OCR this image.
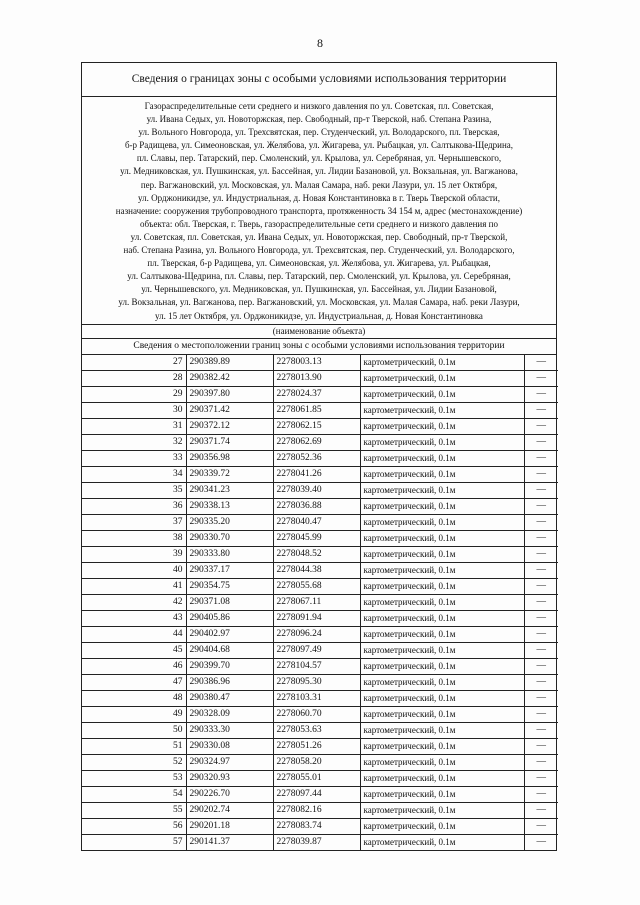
8
Сведения о границах зоны с особыми условиями использования территории
Газораспределительные сети среднего и низкого давления по ул. Советская, пл. Советская,
ул. Ивана Седых, ул. Новоторжская, пер. Свободный, пр-т Тверской, наб. Степана Разина,
ул. Вольного Новгорода, ул. Трехсвятская, пер. Студенческий, ул. Володарского, пл. Тверская,
б-р Радищева, ул. Симеоновская, ул. Желябова, ул. Жигарева, ул. Рыбацкая, ул. Салтыкова-Щедрина,
пл. Славы, пер. Татарский, пер. Смоленский, ул. Крылова, ул. Серебряная, ул. Чернышевского,
ул. Медниковская, ул. Пушкинская, ул. Бассейная, ул. Лидии Базановой, ул. Вокзальная, ул. Вагжанова,
пер. Вагжановский, ул. Московская, ул. Малая Самара, наб. реки Лазури, ул. 15 лет Октября,
ул. Орджоникидзе, ул. Индустриальная, д. Новая Константиновка в г. Тверь Тверской области,
назначение: сооружения трубопроводного транспорта, протяженность 34 154 м, адрес (местонахождение)
объекта: обл. Тверская, г. Тверь, газораспределительные сети среднего и низкого давления по
ул. Советская, пл. Советская, ул. Ивана Седых, ул. Новоторжская, пер. Свободный, пр-т Тверской,
наб. Степана Разина, ул. Вольного Новгорода, ул. Трехсвятская, пер. Студенческий, ул. Володарского,
пл. Тверская, б-р Радищева, ул. Симеоновская, ул. Желябова, ул. Жигарева, ул. Рыбацкая,
ул. Салтыкова-Щедрина, пл. Славы, пер. Татарский, пер. Смоленский, ул. Крылова, ул. Серебряная,
ул. Чернышевского, ул. Медниковская, ул. Пушкинская, ул. Бассейная, ул. Лидии Базановой,
ул. Вокзальная, ул. Вагжанова, пер. Вагжановский, ул. Московская, ул. Малая Самара, наб. реки Лазури,
ул. 15 лет Октября, ул. Орджоникидзе, ул. Индустриальная, д. Новая Константиновка
(наименование объекта)
Сведения о местоположении границ зоны с особыми условиями использования территории
27	290389.89	2278003.13	картометрический, 0.1м	—
28	290382.42	2278013.90	картометрический, 0.1м	—
29	290397.80	2278024.37	картометрический, 0.1м	—
30	290371.42	2278061.85	картометрический, 0.1м	—
31	290372.12	2278062.15	картометрический, 0.1м	—
32	290371.74	2278062.69	картометрический, 0.1м	—
33	290356.98	2278052.36	картометрический, 0.1м	—
34	290339.72	2278041.26	картометрический, 0.1м	—
35	290341.23	2278039.40	картометрический, 0.1м	—
36	290338.13	2278036.88	картометрический, 0.1м	—
37	290335.20	2278040.47	картометрический, 0.1м	—
38	290330.70	2278045.99	картометрический, 0.1м	—
39	290333.80	2278048.52	картометрический, 0.1м	—
40	290337.17	2278044.38	картометрический, 0.1м	—
41	290354.75	2278055.68	картометрический, 0.1м	—
42	290371.08	2278067.11	картометрический, 0.1м	—
43	290405.86	2278091.94	картометрический, 0.1м	—
44	290402.97	2278096.24	картометрический, 0.1м	—
45	290404.68	2278097.49	картометрический, 0.1м	—
46	290399.70	2278104.57	картометрический, 0.1м	—
47	290386.96	2278095.30	картометрический, 0.1м	—
48	290380.47	2278103.31	картометрический, 0.1м	—
49	290328.09	2278060.70	картометрический, 0.1м	—
50	290333.30	2278053.63	картометрический, 0.1м	—
51	290330.08	2278051.26	картометрический, 0.1м	—
52	290324.97	2278058.20	картометрический, 0.1м	—
53	290320.93	2278055.01	картометрический, 0.1м	—
54	290226.70	2278097.44	картометрический, 0.1м	—
55	290202.74	2278082.16	картометрический, 0.1м	—
56	290201.18	2278083.74	картометрический, 0.1м	—
57	290141.37	2278039.87	картометрический, 0.1м	—
